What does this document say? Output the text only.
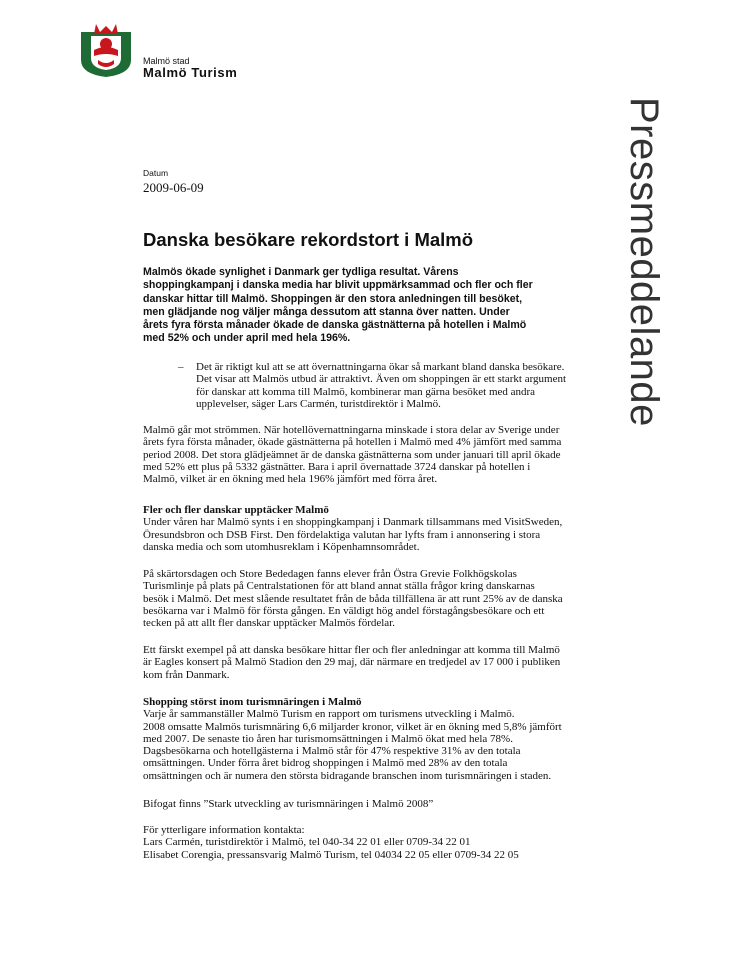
Malmö stad
Malmö Turism
Pressmeddelande
Datum
2009-06-09
Danska besökare rekordstort i Malmö

Malmös ökade synlighet i Danmark ger tydliga resultat. Vårens
shoppingkampanj i danska media har blivit uppmärksammad och fler och fler
danskar hittar till Malmö. Shoppingen är den stora anledningen till besöket,
men glädjande nog väljer många dessutom att stanna över natten. Under
årets fyra första månader ökade de danska gästnätterna på hotellen i Malmö
med 52% och under april med hela 196%.

– Det är riktigt kul att se att övernattningarna ökar så markant bland danska besökare.
Det visar att Malmös utbud är attraktivt. Även om shoppingen är ett starkt argument
för danskar att komma till Malmö, kombinerar man gärna besöket med andra
upplevelser, säger Lars Carmén, turistdirektör i Malmö.

Malmö går mot strömmen. När hotellövernattningarna minskade i stora delar av Sverige under
årets fyra första månader, ökade gästnätterna på hotellen i Malmö med 4% jämfört med samma
period 2008. Det stora glädjeämnet är de danska gästnätterna som under januari till april ökade
med 52% ett plus på 5332 gästnätter. Bara i april övernattade 3724 danskar på hotellen i
Malmö, vilket är en ökning med hela 196% jämfört med förra året.

Fler och fler danskar upptäcker Malmö
Under våren har Malmö synts i en shoppingkampanj i Danmark tillsammans med VisitSweden,
Öresundsbron och DSB First. Den fördelaktiga valutan har lyfts fram i annonsering i stora
danska media och som utomhusreklam i Köpenhamnsområdet.

På skärtorsdagen och Store Bededagen fanns elever från Östra Grevie Folkhögskolas
Turismlinje på plats på Centralstationen för att bland annat ställa frågor kring danskarnas
besök i Malmö. Det mest slående resultatet från de båda tillfällena är att runt 25% av de danska
besökarna var i Malmö för första gången. En väldigt hög andel förstagångsbesökare och ett
tecken på att allt fler danskar upptäcker Malmös fördelar.

Ett färskt exempel på att danska besökare hittar fler och fler anledningar att komma till Malmö
är Eagles konsert på Malmö Stadion den 29 maj, där närmare en tredjedel av 17 000 i publiken
kom från Danmark.

Shopping störst inom turismnäringen i Malmö
Varje år sammanställer Malmö Turism en rapport om turismens utveckling i Malmö.
2008 omsatte Malmös turismnäring 6,6 miljarder kronor, vilket är en ökning med 5,8% jämfört
med 2007. De senaste tio åren har turismomsättningen i Malmö ökat med hela 78%.
Dagsbesökarna och hotellgästerna i Malmö står för 47% respektive 31% av den totala
omsättningen. Under förra året bidrog shoppingen i Malmö med 28% av den totala
omsättningen och är numera den största bidragande branschen inom turismnäringen i staden.

Bifogat finns ”Stark utveckling av turismnäringen i Malmö 2008”

För ytterligare information kontakta:
Lars Carmén, turistdirektör i Malmö, tel 040-34 22 01 eller 0709-34 22 01
Elisabet Corengia, pressansvarig Malmö Turism, tel 04034 22 05 eller 0709-34 22 05
